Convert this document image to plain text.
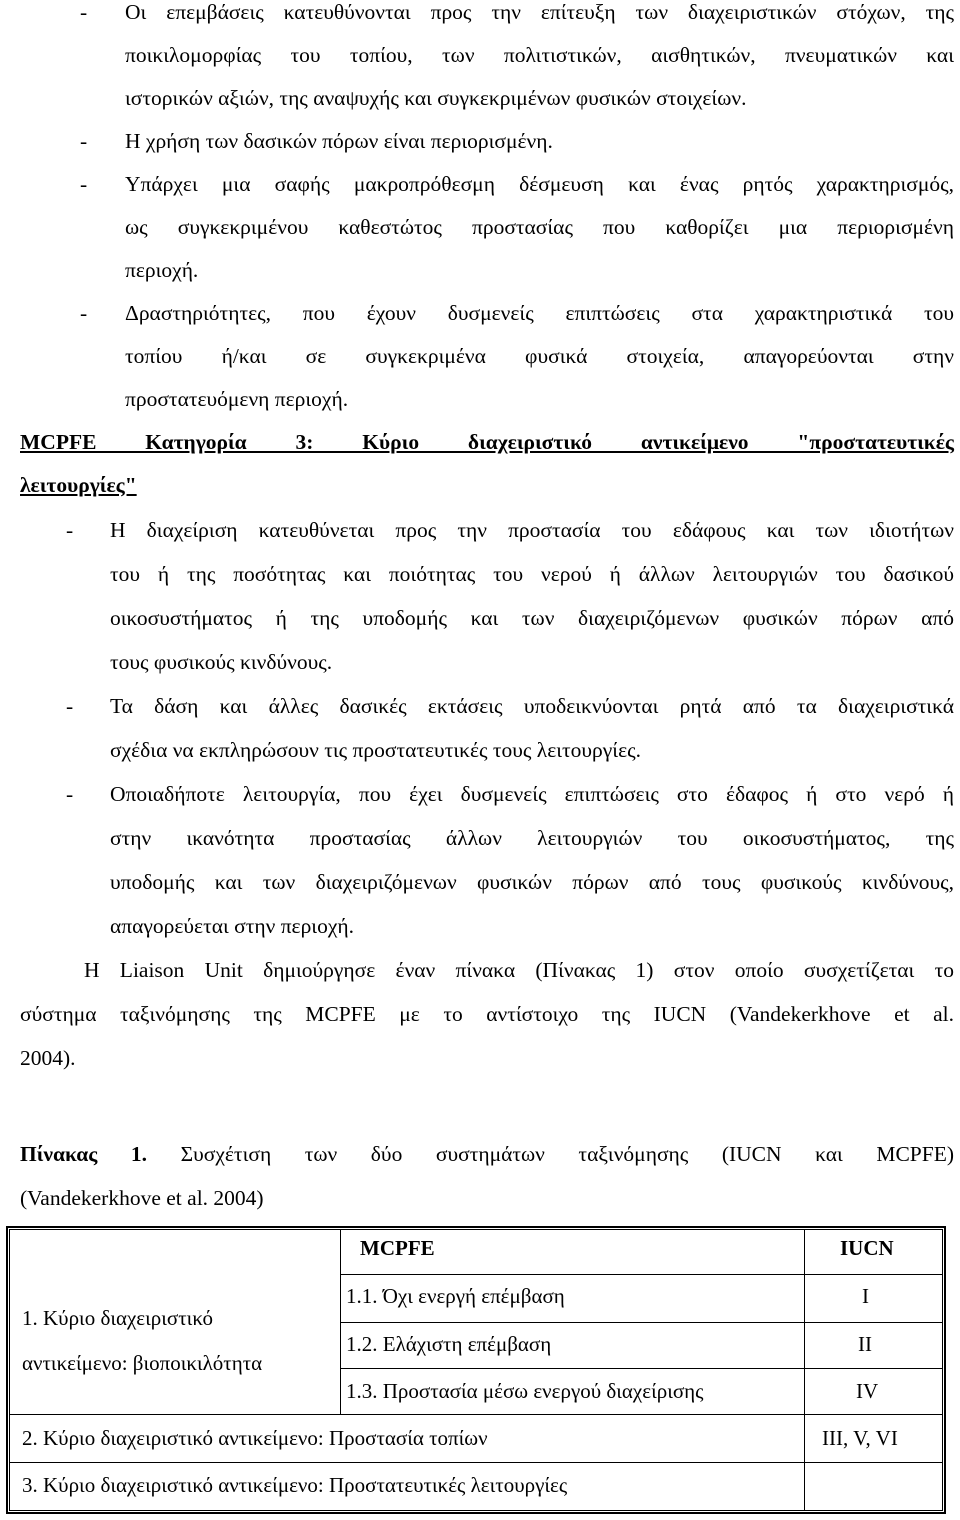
- Οι επεμβάσεις κατευθύνονται προς την επίτευξη των διαχειριστικών στόχων, της
ποικιλομορφίας του τοπίου, των πολιτιστικών, αισθητικών, πνευματικών και
ιστορικών αξιών, της αναψυχής και συγκεκριμένων φυσικών στοιχείων.
- Η χρήση των δασικών πόρων είναι περιορισμένη.
- Υπάρχει μια σαφής μακροπρόθεσμη δέσμευση και ένας ρητός χαρακτηρισμός,
ως συγκεκριμένου καθεστώτος προστασίας που καθορίζει μια περιορισμένη
περιοχή.
- Δραστηριότητες, που έχουν δυσμενείς επιπτώσεις στα χαρακτηριστικά του
τοπίου ή/και σε συγκεκριμένα φυσικά στοιχεία, απαγορεύονται στην
προστατευόμενη περιοχή.
MCPFE Κατηγορία 3: Κύριο διαχειριστικό αντικείμενο "προστατευτικές
λειτουργίες"
- Η διαχείριση κατευθύνεται προς την προστασία του εδάφους και των ιδιοτήτων
του ή της ποσότητας και ποιότητας του νερού ή άλλων λειτουργιών του δασικού
οικοσυστήματος ή της υποδομής και των διαχειριζόμενων φυσικών πόρων από
τους φυσικούς κινδύνους.
- Τα δάση και άλλες δασικές εκτάσεις υποδεικνύονται ρητά από τα διαχειριστικά
σχέδια να εκπληρώσουν τις προστατευτικές τους λειτουργίες.
- Οποιαδήποτε λειτουργία, που έχει δυσμενείς επιπτώσεις στο έδαφος ή στο νερό ή
στην ικανότητα προστασίας άλλων λειτουργιών του οικοσυστήματος, της
υποδομής και των διαχειριζόμενων φυσικών πόρων από τους φυσικούς κινδύνους,
απαγορεύεται στην περιοχή.
Η Liaison Unit δημιούργησε έναν πίνακα (Πίνακας 1) στον οποίο συσχετίζεται το
σύστημα ταξινόμησης της MCPFE με το αντίστοιχο της IUCN (Vandekerkhove et al.
2004).
Πίνακας 1. Συσχέτιση των δύο συστημάτων ταξινόμησης (IUCN και MCPFE)
(Vandekerkhove et al. 2004)
MCPFE	IUCN
1. Κύριο διαχειριστικό
αντικείμενο: βιοποικιλότητα
1.1. Όχι ενεργή επέμβαση	I
1.2. Ελάχιστη επέμβαση	II
1.3. Προστασία μέσω ενεργού διαχείρισης	IV
2. Κύριο διαχειριστικό αντικείμενο: Προστασία τοπίων	III, V, VI
3. Κύριο διαχειριστικό αντικείμενο: Προστατευτικές λειτουργίες
